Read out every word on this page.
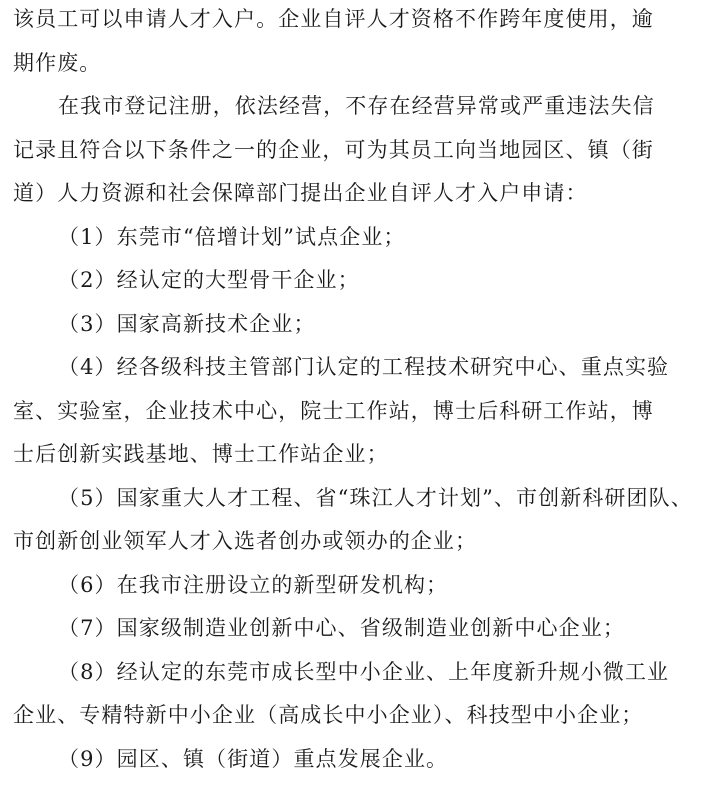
该员工可以申请人才入户。企业自评人才资格不作跨年度使用，逾
期作废。
在我市登记注册，依法经营，不存在经营异常或严重违法失信
记录且符合以下条件之一的企业，可为其员工向当地园区、镇（街
道）人力资源和社会保障部门提出企业自评人才入户申请：
（1）东莞市“倍增计划”试点企业；
（2）经认定的大型骨干企业；
（3）国家高新技术企业；
（4）经各级科技主管部门认定的工程技术研究中心、重点实验
室、实验室，企业技术中心，院士工作站，博士后科研工作站，博
士后创新实践基地、博士工作站企业；
（5）国家重大人才工程、省“珠江人才计划”、市创新科研团队、
市创新创业领军人才入选者创办或领办的企业；
（6）在我市注册设立的新型研发机构；
（7）国家级制造业创新中心、省级制造业创新中心企业；
（8）经认定的东莞市成长型中小企业、上年度新升规小微工业
企业、专精特新中小企业（高成长中小企业）、科技型中小企业；
（9）园区、镇（街道）重点发展企业。
